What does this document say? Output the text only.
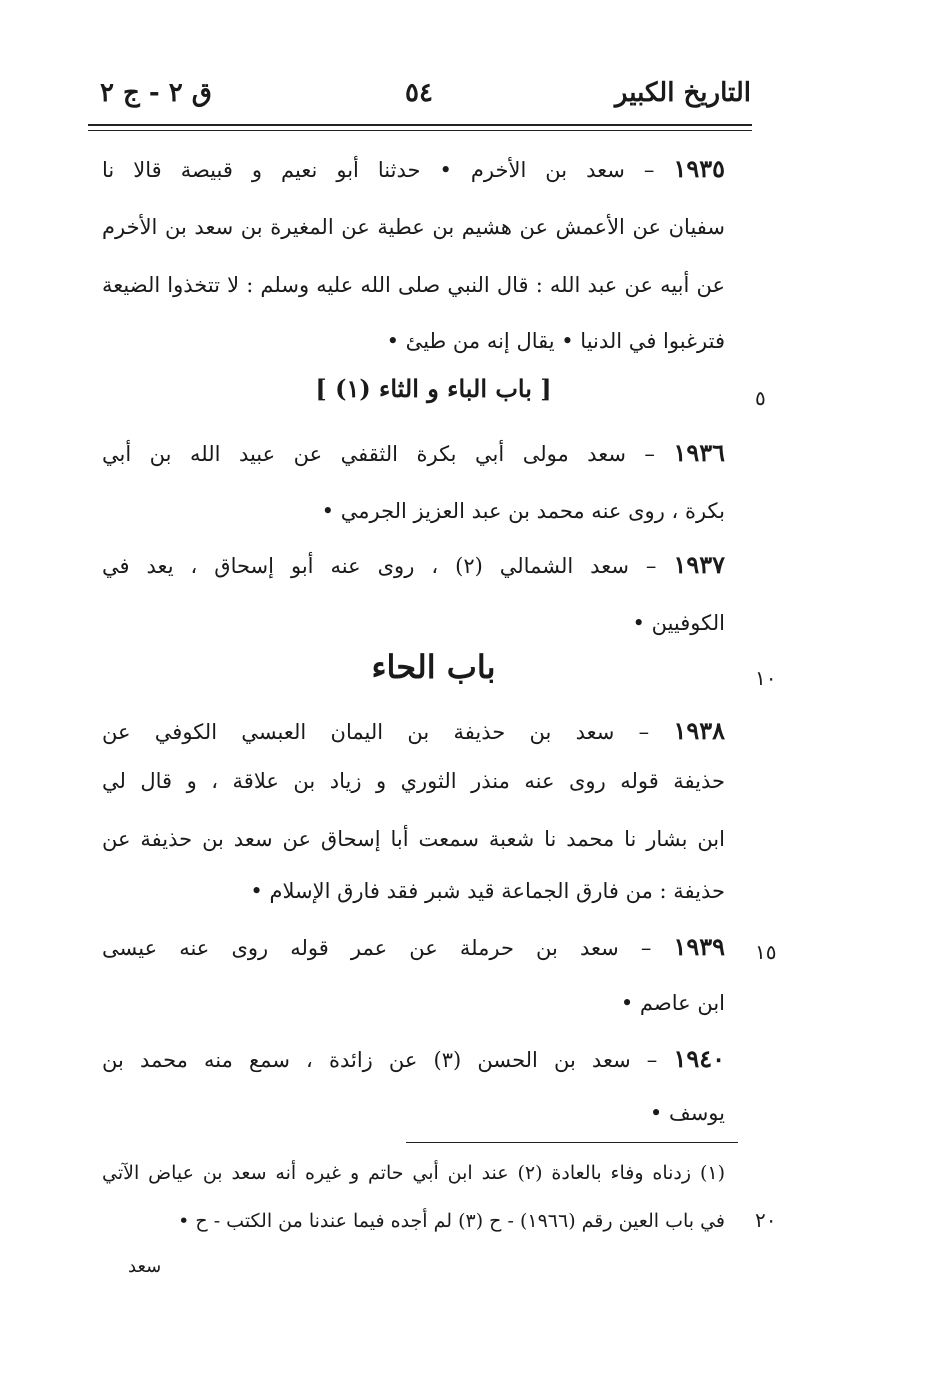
التاريخ الكبير
٥٤
ق ٢ - ج ٢
١٩٣٥ – سعد بن الأخرم • حدثنا أبو نعيم و قبيصة قالا نا
سفيان عن الأعمش عن هشيم بن عطية عن المغيرة بن سعد بن الأخرم
عن أبيه عن عبد الله : قال النبي صلى الله عليه وسلم : لا تتخذوا الضيعة
فترغبوا في الدنيا • يقال إنه من طيئ •
[ باب الباء و الثاء (١) ]	٥
١٩٣٦ – سعد مولى أبي بكرة الثقفي عن عبيد الله بن أبي
بكرة ، روى عنه محمد بن عبد العزيز الجرمي •
١٩٣٧ – سعد الشمالي (٢) ، روى عنه أبو إسحاق ، يعد في
الكوفيين •
باب الحاء	١٠
١٩٣٨ – سعد بن حذيفة بن اليمان العبسي الكوفي عن
حذيفة قوله روى عنه منذر الثوري و زياد بن علاقة ، و قال لي
ابن بشار نا محمد نا شعبة سمعت أبا إسحاق عن سعد بن حذيفة عن
حذيفة : من فارق الجماعة قيد شبر فقد فارق الإسلام •
١٩٣٩ – سعد بن حرملة عن عمر قوله روى عنه عيسى	١٥
ابن عاصم •
١٩٤٠ – سعد بن الحسن (٣) عن زائدة ، سمع منه محمد بن
يوسف •
(١) زدناه وفاء بالعادة (٢) عند ابن أبي حاتم و غيره أنه سعد بن عياض الآتي
في باب العين رقم (١٩٦٦) - ح (٣) لم أجده فيما عندنا من الكتب - ح • ٢٠
سعد
